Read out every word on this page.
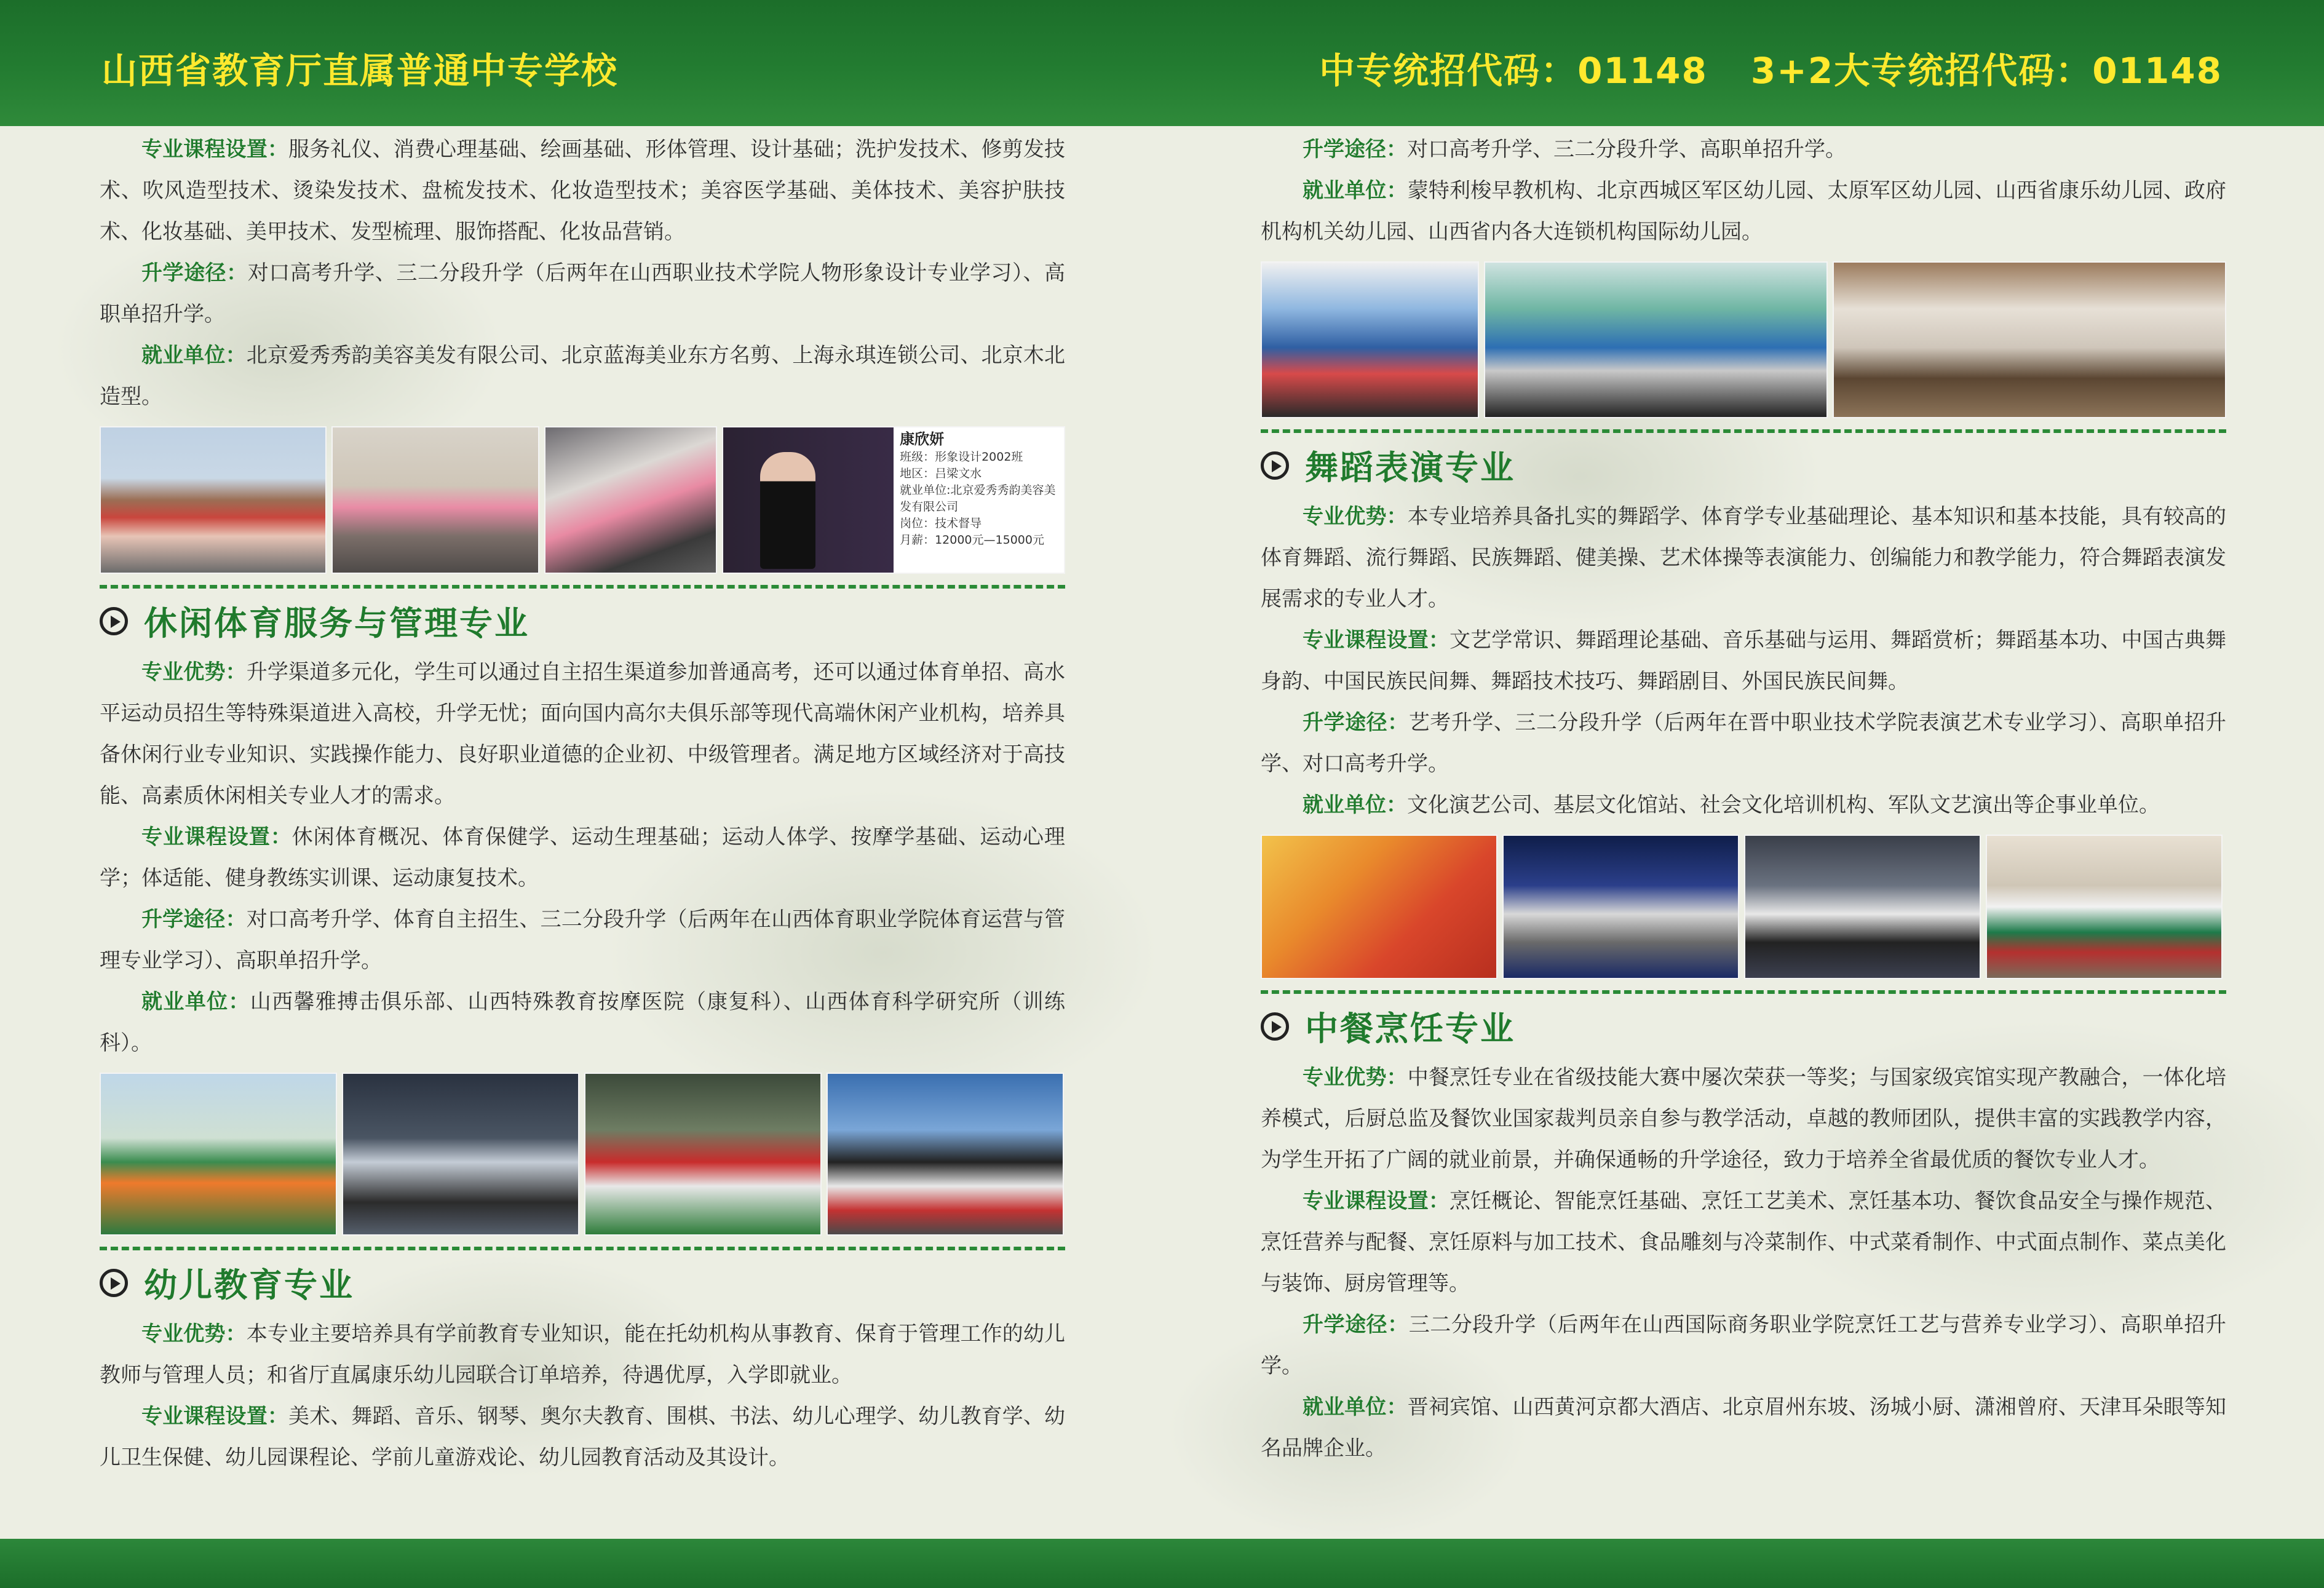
山西省教育厅直属普通中专学校	中专统招代码：01148 3+2大专统招代码：01148

专业课程设置：服务礼仪、消费心理基础、绘画基础、形体管理、设计基础；洗护发技术、修剪发技术、吹风造型技术、烫染发技术、盘梳发技术、化妆造型技术；美容医学基础、美体技术、美容护肤技术、化妆基础、美甲技术、发型梳理、服饰搭配、化妆品营销。

升学途径：对口高考升学、三二分段升学（后两年在山西职业技术学院人物形象设计专业学习）、高职单招升学。

就业单位：北京爱秀秀韵美容美发有限公司、北京蓝海美业东方名剪、上海永琪连锁公司、北京木北造型。

康欣妍
班级：形象设计2002班
地区：吕梁文水
就业单位:北京爱秀秀韵美容美发有限公司
岗位：技术督导
月薪：12000元—15000元
休闲体育服务与管理专业

专业优势：升学渠道多元化，学生可以通过自主招生渠道参加普通高考，还可以通过体育单招、高水平运动员招生等特殊渠道进入高校，升学无忧；面向国内高尔夫俱乐部等现代高端休闲产业机构，培养具备休闲行业专业知识、实践操作能力、良好职业道德的企业初、中级管理者。满足地方区域经济对于高技能、高素质休闲相关专业人才的需求。

专业课程设置：休闲体育概况、体育保健学、运动生理基础；运动人体学、按摩学基础、运动心理学；体适能、健身教练实训课、运动康复技术。

升学途径：对口高考升学、体育自主招生、三二分段升学（后两年在山西体育职业学院体育运营与管理专业学习）、高职单招升学。

就业单位：山西馨雅搏击俱乐部、山西特殊教育按摩医院（康复科）、山西体育科学研究所（训练科）。

幼儿教育专业

专业优势：本专业主要培养具有学前教育专业知识，能在托幼机构从事教育、保育于管理工作的幼儿教师与管理人员；和省厅直属康乐幼儿园联合订单培养，待遇优厚，入学即就业。

专业课程设置：美术、舞蹈、音乐、钢琴、奥尔夫教育、围棋、书法、幼儿心理学、幼儿教育学、幼儿卫生保健、幼儿园课程论、学前儿童游戏论、幼儿园教育活动及其设计。

升学途径：对口高考升学、三二分段升学、高职单招升学。

就业单位：蒙特利梭早教机构、北京西城区军区幼儿园、太原军区幼儿园、山西省康乐幼儿园、政府机构机关幼儿园、山西省内各大连锁机构国际幼儿园。

舞蹈表演专业

专业优势：本专业培养具备扎实的舞蹈学、体育学专业基础理论、基本知识和基本技能，具有较高的体育舞蹈、流行舞蹈、民族舞蹈、健美操、艺术体操等表演能力、创编能力和教学能力，符合舞蹈表演发展需求的专业人才。

专业课程设置：文艺学常识、舞蹈理论基础、音乐基础与运用、舞蹈赏析；舞蹈基本功、中国古典舞身韵、中国民族民间舞、舞蹈技术技巧、舞蹈剧目、外国民族民间舞。

升学途径：艺考升学、三二分段升学（后两年在晋中职业技术学院表演艺术专业学习）、高职单招升学、对口高考升学。

就业单位：文化演艺公司、基层文化馆站、社会文化培训机构、军队文艺演出等企事业单位。

中餐烹饪专业

专业优势：中餐烹饪专业在省级技能大赛中屡次荣获一等奖；与国家级宾馆实现产教融合，一体化培养模式，后厨总监及餐饮业国家裁判员亲自参与教学活动，卓越的教师团队，提供丰富的实践教学内容，为学生开拓了广阔的就业前景，并确保通畅的升学途径，致力于培养全省最优质的餐饮专业人才。

专业课程设置：烹饪概论、智能烹饪基础、烹饪工艺美术、烹饪基本功、餐饮食品安全与操作规范、烹饪营养与配餐、烹饪原料与加工技术、食品雕刻与冷菜制作、中式菜肴制作、中式面点制作、菜点美化与装饰、厨房管理等。

升学途径：三二分段升学（后两年在山西国际商务职业学院烹饪工艺与营养专业学习）、高职单招升学。

就业单位：晋祠宾馆、山西黄河京都大酒店、北京眉州东坡、汤城小厨、潇湘曾府、天津耳朵眼等知名品牌企业。
